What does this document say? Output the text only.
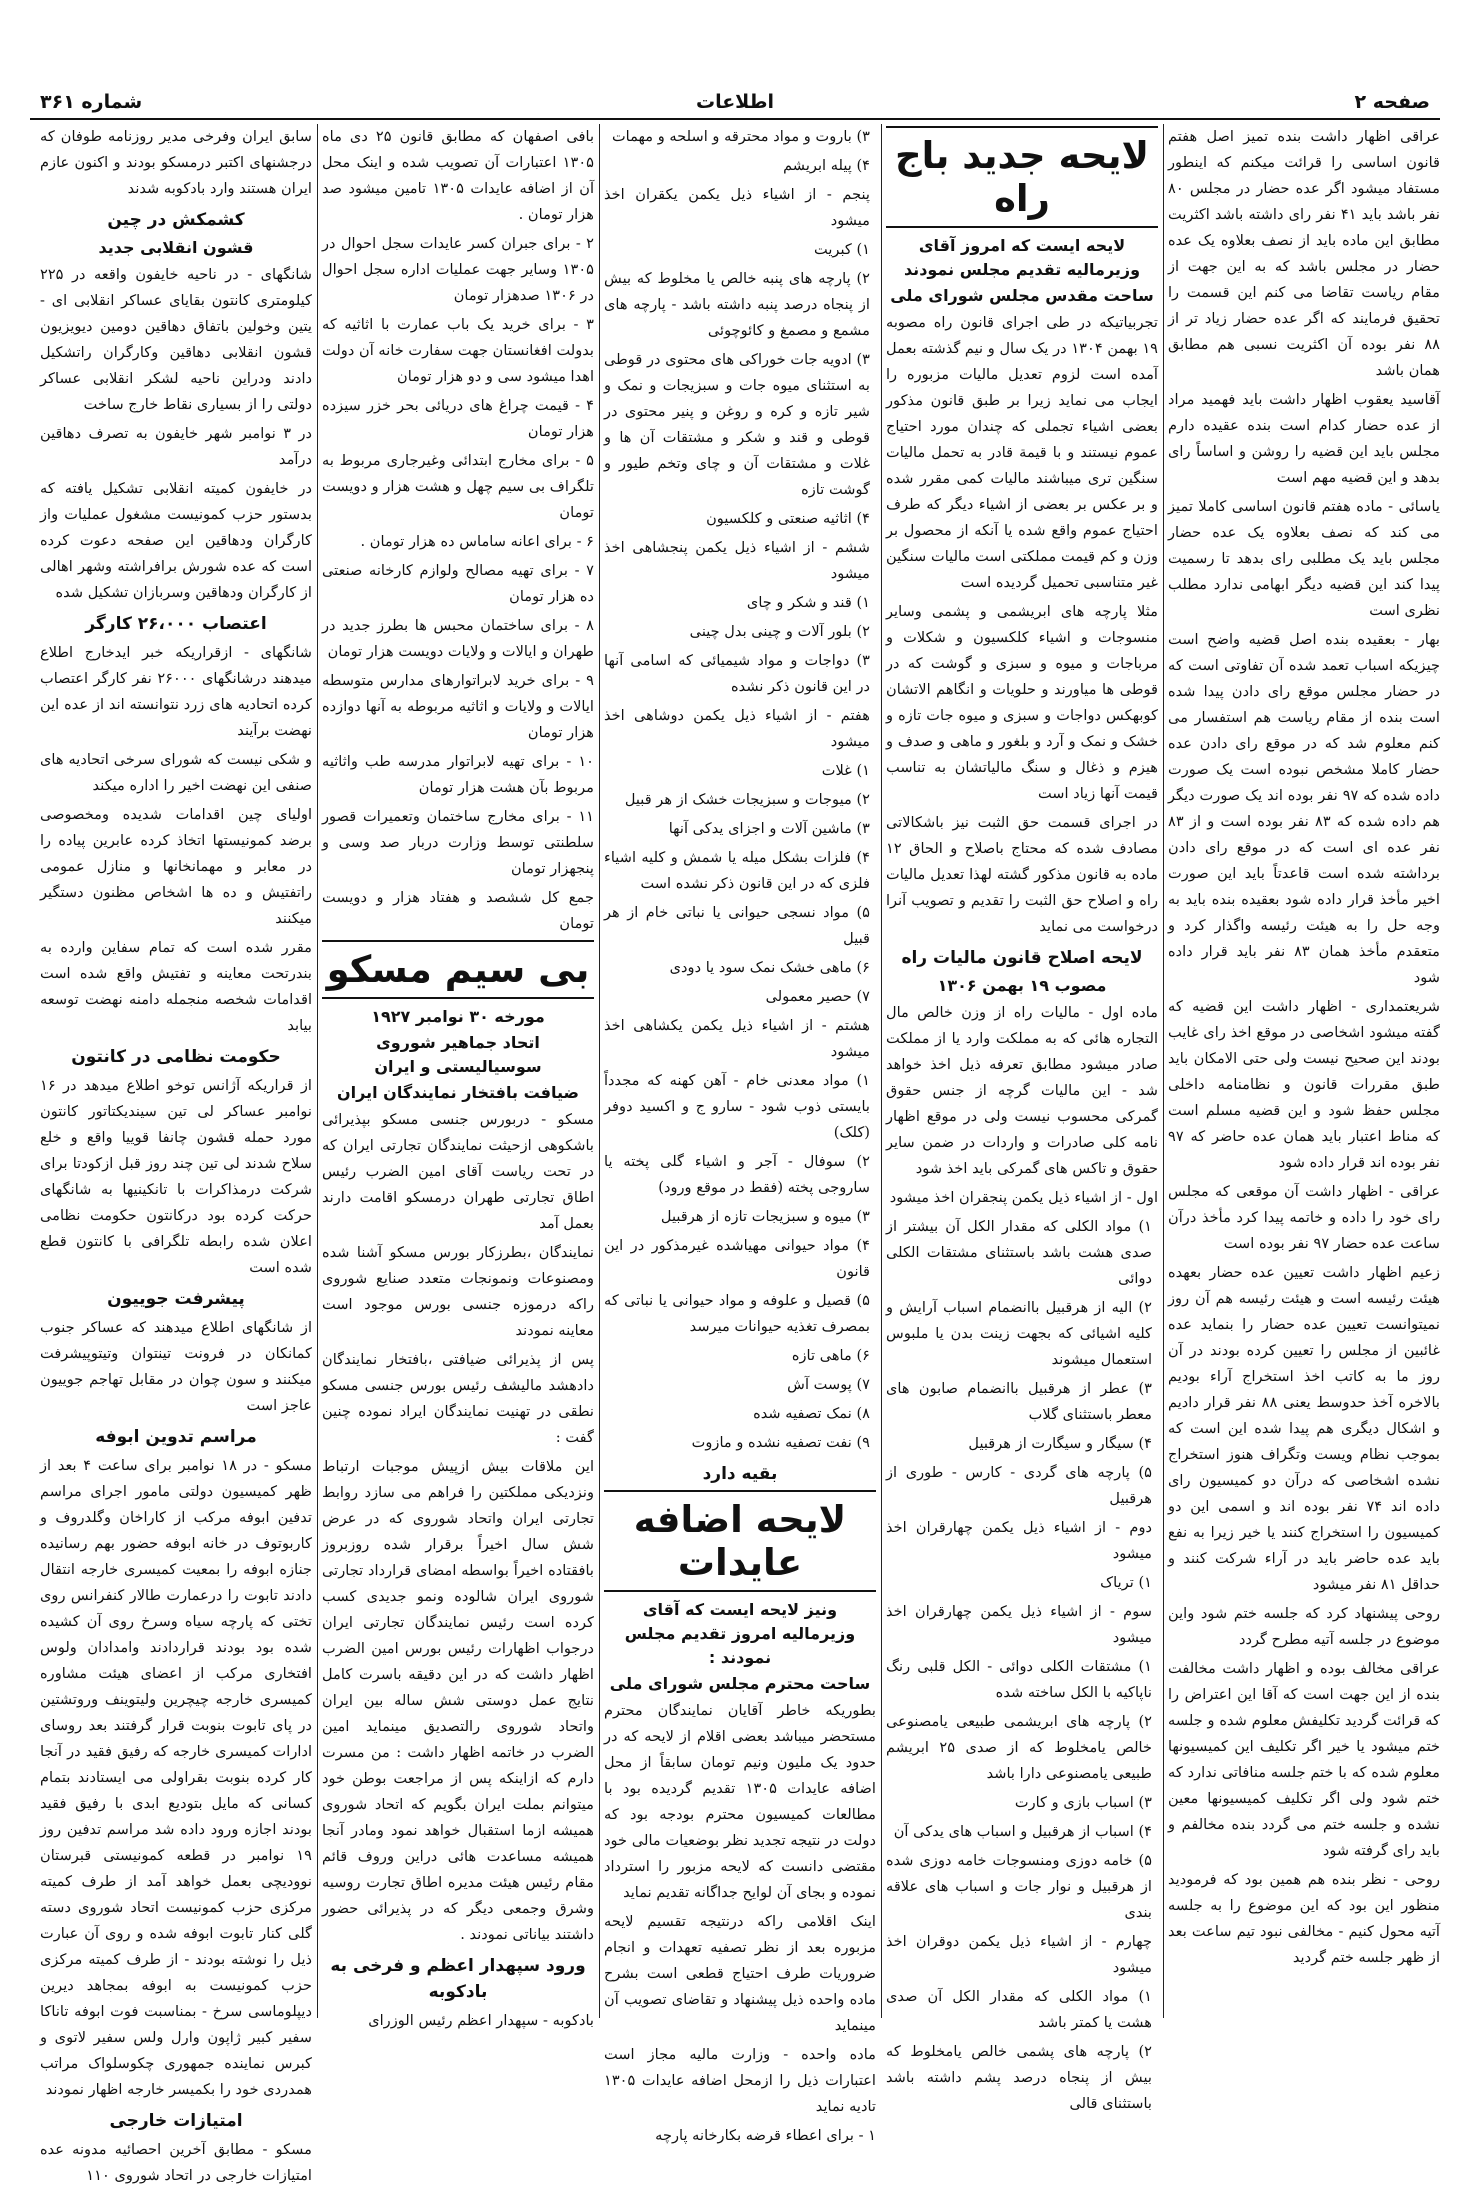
صفحه ۲
اطلاعات
شماره ۳۶۱

عراقی اظهار داشت بنده تمیز اصل هفتم قانون اساسی را قرائت میکنم که اینطور مستفاد میشود اگر عده حضار در مجلس ۸۰ نفر باشد باید ۴۱ نفر رای داشته باشد اکثریت مطابق این ماده باید از نصف بعلاوه یک عده حضار در مجلس باشد که به این جهت از مقام ریاست تقاضا می کنم این قسمت را تحقیق فرمایند که اگر عده حضار زیاد تر از ۸۸ نفر بوده آن اکثریت نسبی هم مطابق همان باشد

آقاسید یعقوب اظهار داشت باید فهمید مراد از عده حضار کدام است بنده عقیده دارم مجلس باید این قضیه را روشن و اساساً رای بدهد و این قضیه مهم است

یاسائی - ماده هفتم قانون اساسی کاملا تمیز می کند که نصف بعلاوه یک عده حضار مجلس باید یک مطلبی رای بدهد تا رسمیت پیدا کند این قضیه دیگر ابهامی ندارد مطلب نظری است

بهار - بعقیده بنده اصل قضیه واضح است چیزیکه اسباب تعمد شده آن تفاوتی است که در حضار مجلس موقع رای دادن پیدا شده است بنده از مقام ریاست هم استفسار می کنم معلوم شد که در موقع رای دادن عده حضار کاملا مشخص نبوده است یک صورت داده شده که ۹۷ نفر بوده اند یک صورت دیگر هم داده شده که ۸۳ نفر بوده است و از ۸۳ نفر عده ای است که در موقع رای دادن برداشته شده است قاعدتاً باید این صورت اخیر مأخذ قرار داده شود بعقیده بنده باید به وجه حل را به هیئت رئیسه واگذار کرد و متعقدم مأخذ همان ۸۳ نفر باید قرار داده شود

شریعتمداری - اظهار داشت این قضیه که گفته میشود اشخاصی در موقع اخذ رای غایب بودند این صحیح نیست ولی حتی الامکان باید طبق مقررات قانون و نظامنامه داخلی مجلس حفظ شود و این قضیه مسلم است که مناط اعتبار باید همان عده حاضر که ۹۷ نفر بوده اند قرار داده شود

عراقی - اظهار داشت آن موقعی که مجلس رای خود را داده و خاتمه پیدا کرد مأخذ درآن ساعت عده حضار ۹۷ نفر بوده است

زعیم اظهار داشت تعیین عده حضار بعهده هیئت رئیسه است و هیئت رئیسه هم آن روز نمیتوانست تعیین عده حضار را بنماید عده غائبین از مجلس را تعیین کرده بودند در آن روز ما به کاتب اخذ استخراج آراء بودیم بالاخره آخذ حدوسط یعنی ۸۸ نفر قرار دادیم و اشکال دیگری هم پیدا شده این است که بموجب نظام ویست وتگراف هنوز استخراج نشده اشخاصی که درآن دو کمیسیون رای داده اند ۷۴ نفر بوده اند و اسمی این دو کمیسیون را استخراج کنند یا خیر زیرا به نفع باید عده حاضر باید در آراء شرکت کنند و حداقل ۸۱ نفر میشود

روحی پیشنهاد کرد که جلسه ختم شود واین موضوع در جلسه آتیه مطرح گردد

عراقی مخالف بوده و اظهار داشت مخالفت بنده از این جهت است که آقا این اعتراض را که قرائت گردید تکلیفش معلوم شده و جلسه ختم میشود یا خیر اگر تکلیف این کمیسیونها معلوم شده که با ختم جلسه منافاتی ندارد که ختم شود ولی اگر تکلیف کمیسیونها معین نشده و جلسه ختم می گردد بنده مخالفم و باید رای گرفته شود

روحی - نظر بنده هم همین بود که فرمودید منظور این بود که این موضوع را به جلسه آتیه محول کنیم - مخالفی نبود تیم ساعت بعد از ظهر جلسه ختم گردید

لایحه جدید باج راه
لایحه ایست که امروز آقای وزیرمالیه تقدیم مجلس نمودند
ساحت مقدس مجلس شورای ملی

تجربیاتیکه در طی اجرای قانون راه مصوبه ۱۹ بهمن ۱۳۰۴ در یک سال و نیم گذشته بعمل آمده است لزوم تعدیل مالیات مزبوره را ایجاب می نماید زیرا بر طبق قانون مذکور بعضی اشیاء تجملی که چندان مورد احتیاج عموم نیستند و با قیمة قادر به تحمل مالیات سنگین تری میباشند مالیات کمی مقرر شده و بر عکس بر بعضی از اشیاء دیگر که طرف احتیاج عموم واقع شده یا آنکه از محصول بر وزن و کم قیمت مملکتی است مالیات سنگین غیر متناسبی تحمیل گردیده است

مثلا پارچه های ابریشمی و پشمی وسایر منسوجات و اشیاء کلکسیون و شکلات و مرباجات و میوه و سبزی و گوشت که در قوطی ها میاورند و حلویات و انگاهم الاتشان کوبهکس دواجات و سبزی و میوه جات تازه و خشک و نمک و آرد و بلغور و ماهی و صدف و هیزم و ذغال و سنگ مالیاتشان به تناسب قیمت آنها زیاد است

در اجرای قسمت حق الثبت نیز باشکالاتی مصادف شده که محتاج باصلاح و الحاق ۱۲ ماده به قانون مذکور گشته لهذا تعدیل مالیات راه و اصلاح حق الثبت را تقدیم و تصویب آنرا درخواست می نماید

لایحه اصلاح قانون مالیات راه
مصوب ۱۹ بهمن ۱۳۰۶

ماده اول - مالیات راه از وزن خالص مال التجاره هائی که به مملکت وارد یا از مملکت صادر میشود مطابق تعرفه ذیل اخذ خواهد شد - این مالیات گرچه از جنس حقوق گمرکی محسوب نیست ولی در موقع اظهار نامه کلی صادرات و واردات در ضمن سایر حقوق و تاکس های گمرکی باید اخذ شود

اول - از اشیاء ذیل یکمن پنجقران اخذ میشود

۱) مواد الکلی که مقدار الکل آن بیشتر از صدی هشت باشد باستثنای مشتقات الکلی دوائی

۲) الیه از هرقبیل باانضمام اسباب آرایش و کلیه اشیائی که بجهت زینت بدن یا ملبوس استعمال میشوند

۳) عطر از هرقبیل باانضمام صابون های معطر باستثنای گلاب

۴) سیگار و سیگارت از هرقبیل

۵) پارچه های گردی - کارس - طوری از هرقبیل

دوم - از اشیاء ذیل یکمن چهارقران اخذ میشود

۱) تریاک

سوم - از اشیاء ذیل یکمن چهارقران اخذ میشود

۱) مشتقات الکلی دوائی - الکل قلبی رنگ ناپاکیه با الکل ساخته شده

۲) پارچه های ابریشمی طبیعی یامصنوعی خالص یامخلوط که از صدی ۲۵ ابریشم طبیعی یامصنوعی دارا باشد

۳) اسباب بازی و کارت

۴) اسباب از هرقبیل و اسباب های یدکی آن

۵) خامه دوزی ومنسوجات خامه دوزی شده از هرقبیل و نوار جات و اسباب های علاقه بندی

چهارم - از اشیاء ذیل یکمن دوقران اخذ میشود

۱) مواد الکلی که مقدار الکل آن صدی هشت یا کمتر باشد

۲) پارچه های پشمی خالص یامخلوط که بیش از پنجاه درصد پشم داشته باشد باستثنای قالی

۳) باروت و مواد محترقه و اسلحه و مهمات

۴) پیله ابریشم

پنجم - از اشیاء ذیل یکمن یکقران اخذ میشود

۱) کبریت

۲) پارچه های پنبه خالص یا مخلوط که بیش از پنجاه درصد پنبه داشته باشد - پارچه های مشمع و مصمغ و کائوچوئی

۳) ادویه جات خوراکی های محتوی در قوطی به استثنای میوه جات و سبزیجات و نمک و شیر تازه و کره و روغن و پنیر محتوی در قوطی و قند و شکر و مشتقات آن ها و غلات و مشتقات آن و چای وتخم طیور و گوشت تازه

۴) اثاثیه صنعتی و کلکسیون

ششم - از اشیاء ذیل یکمن پنجشاهی اخذ میشود

۱) قند و شکر و چای

۲) بلور آلات و چینی بدل چینی

۳) دواجات و مواد شیمیائی که اسامی آنها در این قانون ذکر نشده

هفتم - از اشیاء ذیل یکمن دوشاهی اخذ میشود

۱) غلات

۲) میوجات و سبزیجات خشک از هر قبیل

۳) ماشین آلات و اجزای یدکی آنها

۴) فلزات بشکل میله یا شمش و کلیه اشیاء فلزی که در این قانون ذکر نشده است

۵) مواد نسجی حیوانی یا نباتی خام از هر قبیل

۶) ماهی خشک نمک سود یا دودی

۷) حصیر معمولی

هشتم - از اشیاء ذیل یکمن یکشاهی اخذ میشود

۱) مواد معدنی خام - آهن کهنه که مجدداً بایستی ذوب شود - سارو ج و اکسید دوفر (کلک)

۲) سوفال - آجر و اشیاء گلی پخته یا ساروجی پخته (فقط در موقع ورود)

۳) میوه و سبزیجات تازه از هرقبیل

۴) مواد حیوانی مهیاشده غیرمذکور در این قانون

۵) قصیل و علوفه و مواد حیوانی یا نباتی که بمصرف تغذیه حیوانات میرسد

۶) ماهی تازه

۷) پوست آش

۸) نمک تصفیه شده

۹) نفت تصفیه نشده و مازوت

بقیه دارد
لایحه اضافه عایدات
ونیز لایحه ایست که آقای وزیرمالیه امروز تقدیم مجلس نمودند :
ساحت محترم مجلس شورای ملی

بطوریکه خاطر آقایان نمایندگان محترم مستحضر میباشد بعضی اقلام از لایحه که در حدود یک ملیون ونیم تومان سابقاً از محل اضافه عایدات ۱۳۰۵ تقدیم گردیده بود با مطالعات کمیسیون محترم بودجه بود که دولت در نتیجه تجدید نظر بوضعیات مالی خود مقتضی دانست که لایحه مزبور را استرداد نموده و بجای آن لوایح جداگانه تقدیم نماید

اینک اقلامی راکه درنتیجه تقسیم لایحه مزبوره بعد از نظر تصفیه تعهدات و انجام ضروریات طرف احتیاج قطعی است بشرح ماده واحده ذیل پیشنهاد و تقاضای تصویب آن مینماید

ماده واحده - وزارت مالیه مجاز است اعتبارات ذیل را ازمحل اضافه عایدات ۱۳۰۵ تادیه نماید

۱ - برای اعطاء قرضه بکارخانه پارچه

بافی اصفهان که مطابق قانون ۲۵ دی ماه ۱۳۰۵ اعتبارات آن تصویب شده و اینک محل آن از اضافه عایدات ۱۳۰۵ تامین میشود صد هزار تومان .

۲ - برای جبران کسر عایدات سجل احوال در ۱۳۰۵ وسایر جهت عملیات اداره سجل احوال در ۱۳۰۶ صدهزار تومان

۳ - برای خرید یک باب عمارت با اثاثیه که بدولت افغانستان جهت سفارت خانه آن دولت اهدا میشود سی و دو هزار تومان

۴ - قیمت چراغ های دریائی بحر خزر سیزده هزار تومان

۵ - برای مخارج ابتدائی وغیرجاری مربوط به تلگراف بی سیم چهل و هشت هزار و دویست تومان

۶ - برای اعانه ساماس ده هزار تومان .

۷ - برای تهیه مصالح ولوازم کارخانه صنعتی ده هزار تومان

۸ - برای ساختمان محبس ها بطرز جدید در طهران و ایالات و ولایات دویست هزار تومان

۹ - برای خرید لابراتوارهای مدارس متوسطه ایالات و ولایات و اثاثیه مربوطه به آنها دوازده هزار تومان

۱۰ - برای تهیه لابراتوار مدرسه طب واثاثیه مربوط بآن هشت هزار تومان

۱۱ - برای مخارج ساختمان وتعمیرات قصور سلطنتی توسط وزارت دربار صد وسی و پنجهزار تومان

جمع کل ششصد و هفتاد هزار و دویست تومان

بی سیم مسکو
مورخه ۳۰ نوامبر ۱۹۲۷
اتحاد جماهیر شوروی سوسیالیستی و ایران
ضیافت بافتخار نمایندگان ایران

مسکو - دربورس جنسی مسکو بپذیرائی باشکوهی ازحیثت نمایندگان تجارتی ایران که در تحت ریاست آقای امین الضرب رئیس اطاق تجارتی طهران درمسکو اقامت دارند بعمل آمد

نمایندگان ،بطرزکار بورس مسکو آشنا شده ومصنوعات ونمونجات متعدد صنایع شوروی راکه درموزه جنسی بورس موجود است معاینه نمودند

پس از پذیرائی ضیافتی ،بافتخار نمایندگان دادهشد مالیشف رئیس بورس جنسی مسکو نطقی در تهنیت نمایندگان ایراد نموده چنین گفت :

این ملاقات بیش ازپیش موجبات ارتباط ونزدیکی مملکتین را فراهم می سازد روابط تجارتی ایران واتحاد شوروی که در عرض شش سال اخیراً برقرار شده روزبروز بافقتاده اخیراً بواسطه امضای قرارداد تجارتی شوروی ایران شالوده ونمو جدیدی کسب کرده است رئیس نمایندگان تجارتی ایران درجواب اظهارات رئیس بورس امین الضرب اظهار داشت که در این دقیقه باسرت کامل نتایج عمل دوستی شش ساله بین ایران واتحاد شوروی رالتصدیق مینماید امین الضرب در خاتمه اظهار داشت : من مسرت دارم که ازاینکه پس از مراجعت بوطن خود میتوانم بملت ایران بگویم که اتحاد شوروی همیشه ازما استقبال خواهد نمود ومادر آنجا همیشه مساعدت هائی دراین وروف قائم مقام رئیس هیئت مدیره اطاق تجارت روسیه وشرق وجمعی دیگر که در پذیرائی حضور داشتند بیاناتی نمودند .

ورود سپهدار اعظم و فرخی به بادکوبه

بادکوبه - سپهدار اعظم رئیس الوزرای

سابق ایران وفرخی مدیر روزنامه طوفان که درجشنهای اکتبر درمسکو بودند و اکنون عازم ایران هستند وارد بادکوبه شدند

کشمکش در چین
قشون انقلابی جدید

شانگهای - در ناحیه خایفون واقعه در ۲۲۵ کیلومتری کانتون بقایای عساکر انقلابی ای - یتین وخولین باتفاق دهاقین دومین دیویزیون قشون انقلابی دهاقین وکارگران راتشکیل دادند ودراین ناحیه لشکر انقلابی عساکر دولتی را از بسیاری نقاط خارج ساخت

در ۳ نوامبر شهر خایفون به تصرف دهاقین درآمد

در خایفون کمیته انقلابی تشکیل یافته که بدستور حزب کمونیست مشغول عملیات واز کارگران ودهاقین این صفحه دعوت کرده است که عده شورش برافراشته وشهر اهالی از کارگران ودهاقین وسربازان تشکیل شده

اعتصاب ۲۶،۰۰۰ کارگر

شانگهای - ازقراریکه خبر ایدخارج اطلاع میدهند درشانگهای ۲۶۰۰۰ نفر کارگر اعتصاب کرده اتحادیه های زرد نتوانسته اند از عده این نهضت برآیند

و شکی نیست که شورای سرخی اتحادیه های صنفی این نهضت اخیر را اداره میکند

اولیای چین اقدامات شدیده ومخصوصی برضد کمونیستها اتخاذ کرده عابرین پیاده را در معابر و مهمانخانها و منازل عمومی راتفتیش و ده ها اشخاص مظنون دستگیر میکنند

مقرر شده است که تمام سفاین وارده به بندرتحت معاینه و تفتیش واقع شده است اقدامات شخصه منجمله دامنه نهضت توسعه بیابد

حکومت نظامی در کانتون

از قراریکه آژانس توخو اطلاع میدهد در ۱۶ نوامبر عساکر لی تین سیندیکتاتور کانتون مورد حمله قشون چانفا قوییا واقع و خلع سلاح شدند لی تین چند روز قبل ازکودتا برای شرکت درمذاکرات با تانکینیها به شانگهای حرکت کرده بود درکانتون حکومت نظامی اعلان شده رابطه تلگرافی با کانتون قطع شده است

پیشرفت جوییون

از شانگهای اطلاع میدهند که عساکر جنوب کمانکان در فرونت تینتوان وتیتوپیشرفت میکنند و سون چوان در مقابل تهاجم جوییون عاجز است

مراسم تدوین ابوفه

مسکو - در ۱۸ نوامبر برای ساعت ۴ بعد از ظهر کمیسیون دولتی مامور اجرای مراسم تدفین ابوفه مرکب از کاراخان وگلدروف و کاربوتوف در خانه ابوفه حضور بهم رسانیده جنازه ابوفه را بمعیت کمیسری خارجه انتقال دادند تابوت را درعمارت طالار کنفرانس روی تختی که پارچه سیاه وسرخ روی آن کشیده شده بود بودند قراردادند وامدادان ولوس افتخاری مرکب از اعضای هیئت مشاوره کمیسری خارجه چیچرین ولیتوینف وروتشتین در پای تابوت بنوبت قرار گرفتند بعد روسای ادارات کمیسری خارجه که رفیق فقید در آنجا کار کرده بنوبت بقراولی می ایستادند بتمام کسانی که مایل بتودیع ابدی با رفیق فقید بودند اجازه ورود داده شد مراسم تدفین روز ۱۹ نوامبر در قطعه کمونیستی قبرستان نوودیچی بعمل خواهد آمد از طرف کمیته مرکزی حزب کمونیست اتحاد شوروی دسته گلی کنار تابوت ابوفه شده و روی آن عبارت ذیل را نوشته بودند - از طرف کمیته مرکزی حزب کمونیست به ابوفه بمجاهد دیرین دیپلوماسی سرخ - بمناسبت فوت ابوفه تاناکا سفیر کبیر ژاپون وارل ولس سفیر لاتوی و کبرس نماینده جمهوری چکوسلواک مراتب همدردی خود را بکمیسر خارجه اظهار نمودند

امتیازات خارجی

مسکو - مطابق آخرین احصائیه مدونه عده امتیازات خارجی در اتحاد شوروی ۱۱۰
